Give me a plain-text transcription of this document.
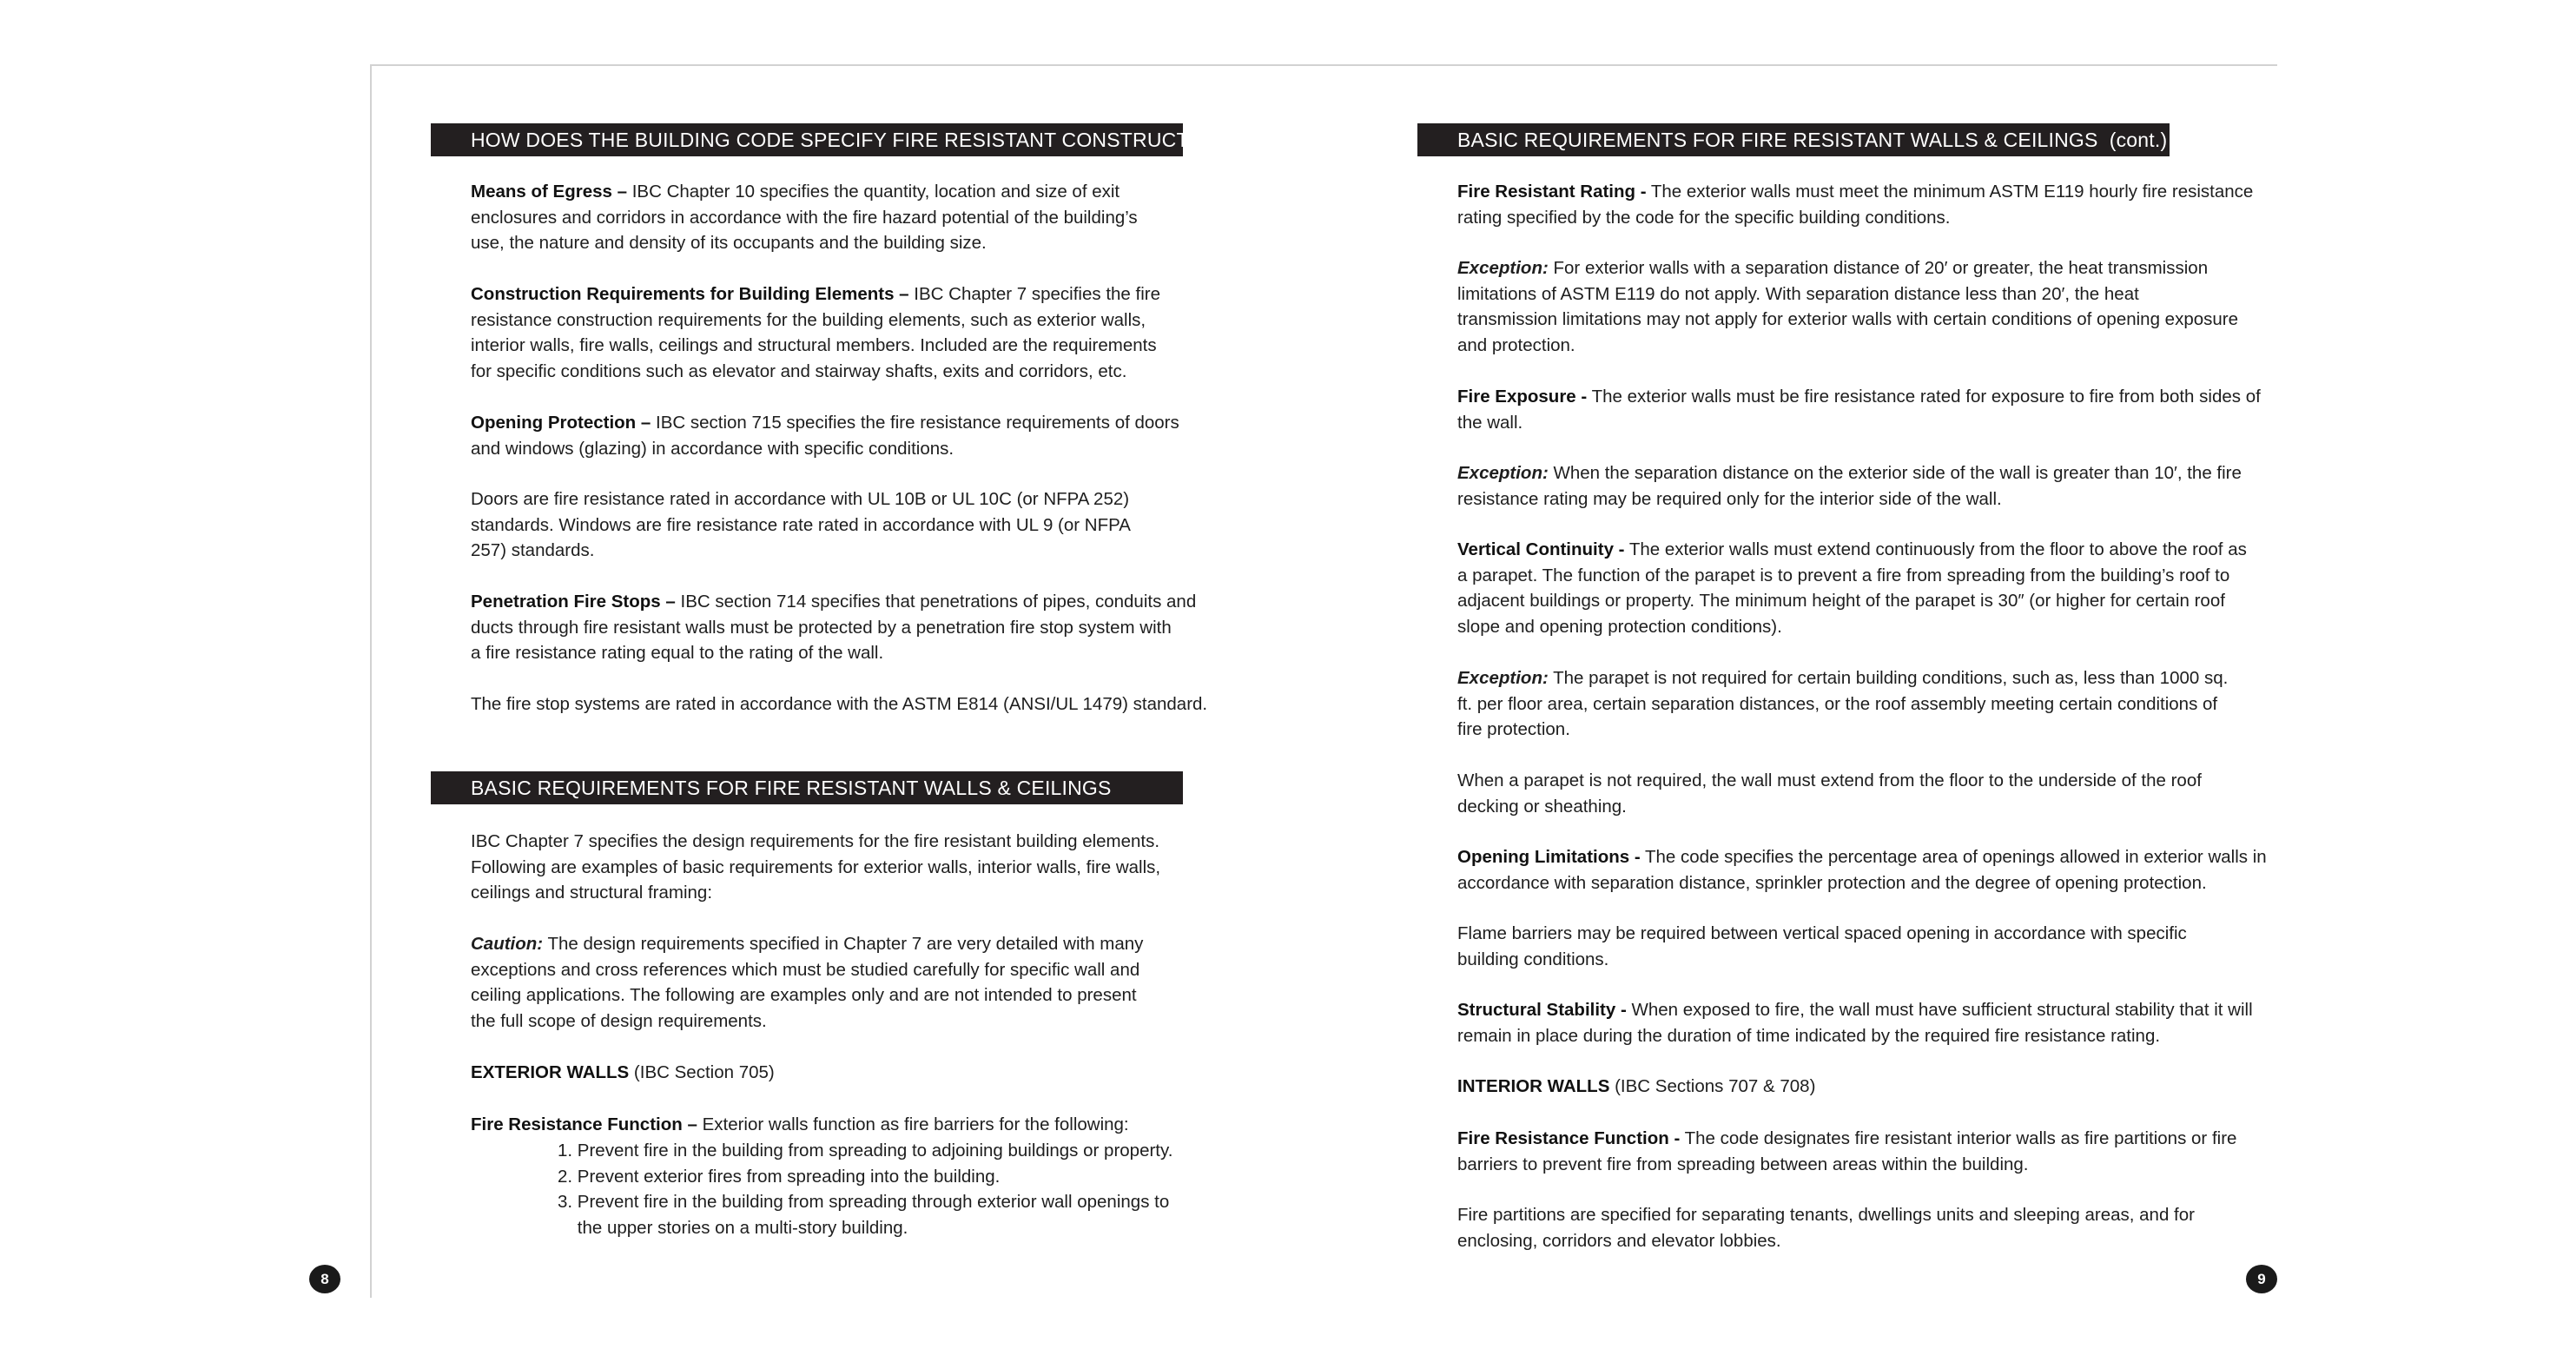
HOW DOES THE BUILDING CODE SPECIFY FIRE RESISTANT CONSTRUCTION? (cont.)

Means of Egress – IBC Chapter 10 specifies the quantity, location and size of exit
enclosures and corridors in accordance with the fire hazard potential of the building’s
use, the nature and density of its occupants and the building size.

Construction Requirements for Building Elements – IBC Chapter 7 specifies the fire
resistance construction requirements for the building elements, such as exterior walls,
interior walls, fire walls, ceilings and structural members. Included are the requirements
for specific conditions such as elevator and stairway shafts, exits and corridors, etc.

Opening Protection – IBC section 715 specifies the fire resistance requirements of doors
and windows (glazing) in accordance with specific conditions.

Doors are fire resistance rated in accordance with UL 10B or UL 10C (or NFPA 252)
standards. Windows are fire resistance rate rated in accordance with UL 9 (or NFPA
257) standards.

Penetration Fire Stops – IBC section 714 specifies that penetrations of pipes, conduits and
ducts through fire resistant walls must be protected by a penetration fire stop system with
a fire resistance rating equal to the rating of the wall.

The fire stop systems are rated in accordance with the ASTM E814 (ANSI/UL 1479) standard.

BASIC REQUIREMENTS FOR FIRE RESISTANT WALLS & CEILINGS

IBC Chapter 7 specifies the design requirements for the fire resistant building elements.
Following are examples of basic requirements for exterior walls, interior walls, fire walls,
ceilings and structural framing:

Caution: The design requirements specified in Chapter 7 are very detailed with many
exceptions and cross references which must be studied carefully for specific wall and
ceiling applications. The following are examples only and are not intended to present
the full scope of design requirements.

EXTERIOR WALLS (IBC Section 705)

Fire Resistance Function – Exterior walls function as fire barriers for the following:

1. Prevent fire in the building from spreading to adjoining buildings or property.
2. Prevent exterior fires from spreading into the building.
3. Prevent fire in the building from spreading through exterior wall openings to
the upper stories on a multi-story building.
8
BASIC REQUIREMENTS FOR FIRE RESISTANT WALLS & CEILINGS  (cont.)

Fire Resistant Rating - The exterior walls must meet the minimum ASTM E119 hourly fire resistance
rating specified by the code for the specific building conditions.

Exception: For exterior walls with a separation distance of 20′ or greater, the heat transmission
limitations of ASTM E119 do not apply. With separation distance less than 20′, the heat
transmission limitations may not apply for exterior walls with certain conditions of opening exposure
and protection.

Fire Exposure - The exterior walls must be fire resistance rated for exposure to fire from both sides of
the wall.

Exception: When the separation distance on the exterior side of the wall is greater than 10′, the fire
resistance rating may be required only for the interior side of the wall.

Vertical Continuity - The exterior walls must extend continuously from the floor to above the roof as
a parapet. The function of the parapet is to prevent a fire from spreading from the building’s roof to
adjacent buildings or property. The minimum height of the parapet is 30″ (or higher for certain roof
slope and opening protection conditions).

Exception: The parapet is not required for certain building conditions, such as, less than 1000 sq.
ft. per floor area, certain separation distances, or the roof assembly meeting certain conditions of
fire protection.

When a parapet is not required, the wall must extend from the floor to the underside of the roof
decking or sheathing.

Opening Limitations - The code specifies the percentage area of openings allowed in exterior walls in
accordance with separation distance, sprinkler protection and the degree of opening protection.

Flame barriers may be required between vertical spaced opening in accordance with specific
building conditions.

Structural Stability - When exposed to fire, the wall must have sufficient structural stability that it will
remain in place during the duration of time indicated by the required fire resistance rating.

INTERIOR WALLS (IBC Sections 707 & 708)

Fire Resistance Function - The code designates fire resistant interior walls as fire partitions or fire
barriers to prevent fire from spreading between areas within the building.

Fire partitions are specified for separating tenants, dwellings units and sleeping areas, and for
enclosing, corridors and elevator lobbies.

9
